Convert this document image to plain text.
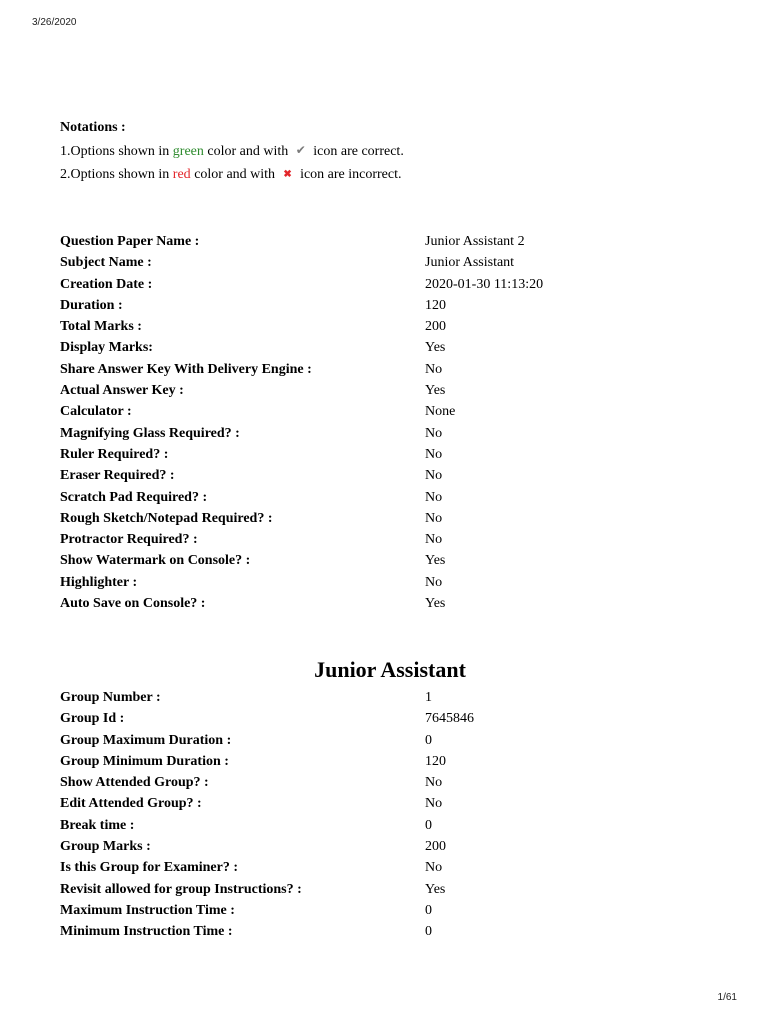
3/26/2020
Notations :
1.Options shown in green color and with ✔ icon are correct.
2.Options shown in red color and with ✖ icon are incorrect.
Question Paper Name :	Junior Assistant 2
Subject Name :	Junior Assistant
Creation Date :	2020-01-30 11:13:20
Duration :	120
Total Marks :	200
Display Marks:	Yes
Share Answer Key With Delivery Engine :	No
Actual Answer Key :	Yes
Calculator :	None
Magnifying Glass Required? :	No
Ruler Required? :	No
Eraser Required? :	No
Scratch Pad Required? :	No
Rough Sketch/Notepad Required? :	No
Protractor Required? :	No
Show Watermark on Console? :	Yes
Highlighter :	No
Auto Save on Console? :	Yes
Junior Assistant
Group Number :	1
Group Id :	7645846
Group Maximum Duration :	0
Group Minimum Duration :	120
Show Attended Group? :	No
Edit Attended Group? :	No
Break time :	0
Group Marks :	200
Is this Group for Examiner? :	No
Revisit allowed for group Instructions? :	Yes
Maximum Instruction Time :	0
Minimum Instruction Time :	0
1/61
